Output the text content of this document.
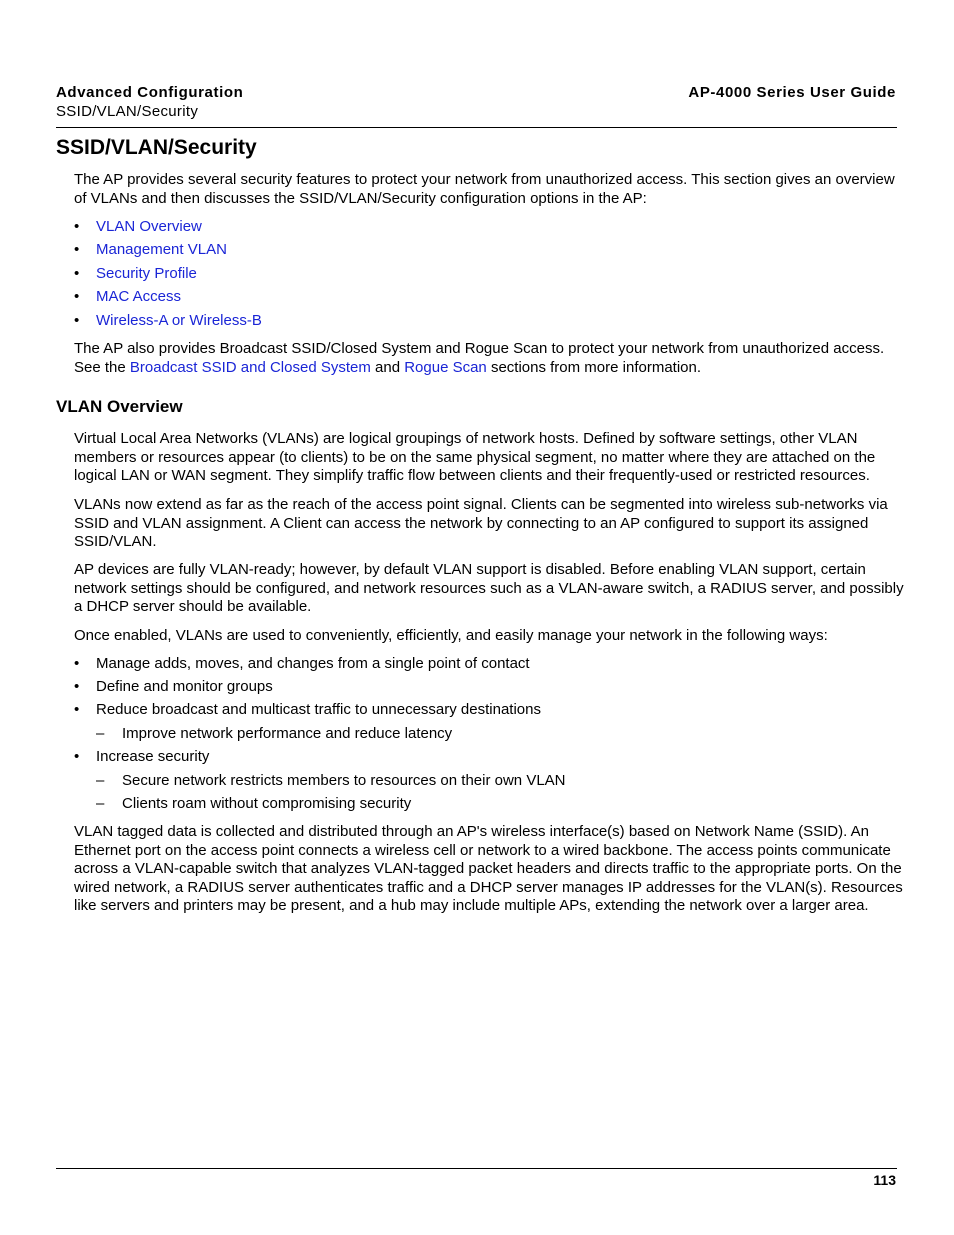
Advanced Configuration
SSID/VLAN/Security
AP-4000 Series User Guide
SSID/VLAN/Security
The AP provides several security features to protect your network from unauthorized access. This section gives an overview of VLANs and then discusses the SSID/VLAN/Security configuration options in the AP:
• VLAN Overview
• Management VLAN
• Security Profile
• MAC Access
• Wireless-A or Wireless-B
The AP also provides Broadcast SSID/Closed System and Rogue Scan to protect your network from unauthorized access. See the Broadcast SSID and Closed System and Rogue Scan sections from more information.
VLAN Overview
Virtual Local Area Networks (VLANs) are logical groupings of network hosts. Defined by software settings, other VLAN members or resources appear (to clients) to be on the same physical segment, no matter where they are attached on the logical LAN or WAN segment. They simplify traffic flow between clients and their frequently-used or restricted resources.
VLANs now extend as far as the reach of the access point signal. Clients can be segmented into wireless sub-networks via SSID and VLAN assignment. A Client can access the network by connecting to an AP configured to support its assigned SSID/VLAN.
AP devices are fully VLAN-ready; however, by default VLAN support is disabled. Before enabling VLAN support, certain network settings should be configured, and network resources such as a VLAN-aware switch, a RADIUS server, and possibly a DHCP server should be available.
Once enabled, VLANs are used to conveniently, efficiently, and easily manage your network in the following ways:
• Manage adds, moves, and changes from a single point of contact
• Define and monitor groups
• Reduce broadcast and multicast traffic to unnecessary destinations
– Improve network performance and reduce latency
• Increase security
– Secure network restricts members to resources on their own VLAN
– Clients roam without compromising security
VLAN tagged data is collected and distributed through an AP's wireless interface(s) based on Network Name (SSID). An Ethernet port on the access point connects a wireless cell or network to a wired backbone. The access points communicate across a VLAN-capable switch that analyzes VLAN-tagged packet headers and directs traffic to the appropriate ports. On the wired network, a RADIUS server authenticates traffic and a DHCP server manages IP addresses for the VLAN(s). Resources like servers and printers may be present, and a hub may include multiple APs, extending the network over a larger area.
113
